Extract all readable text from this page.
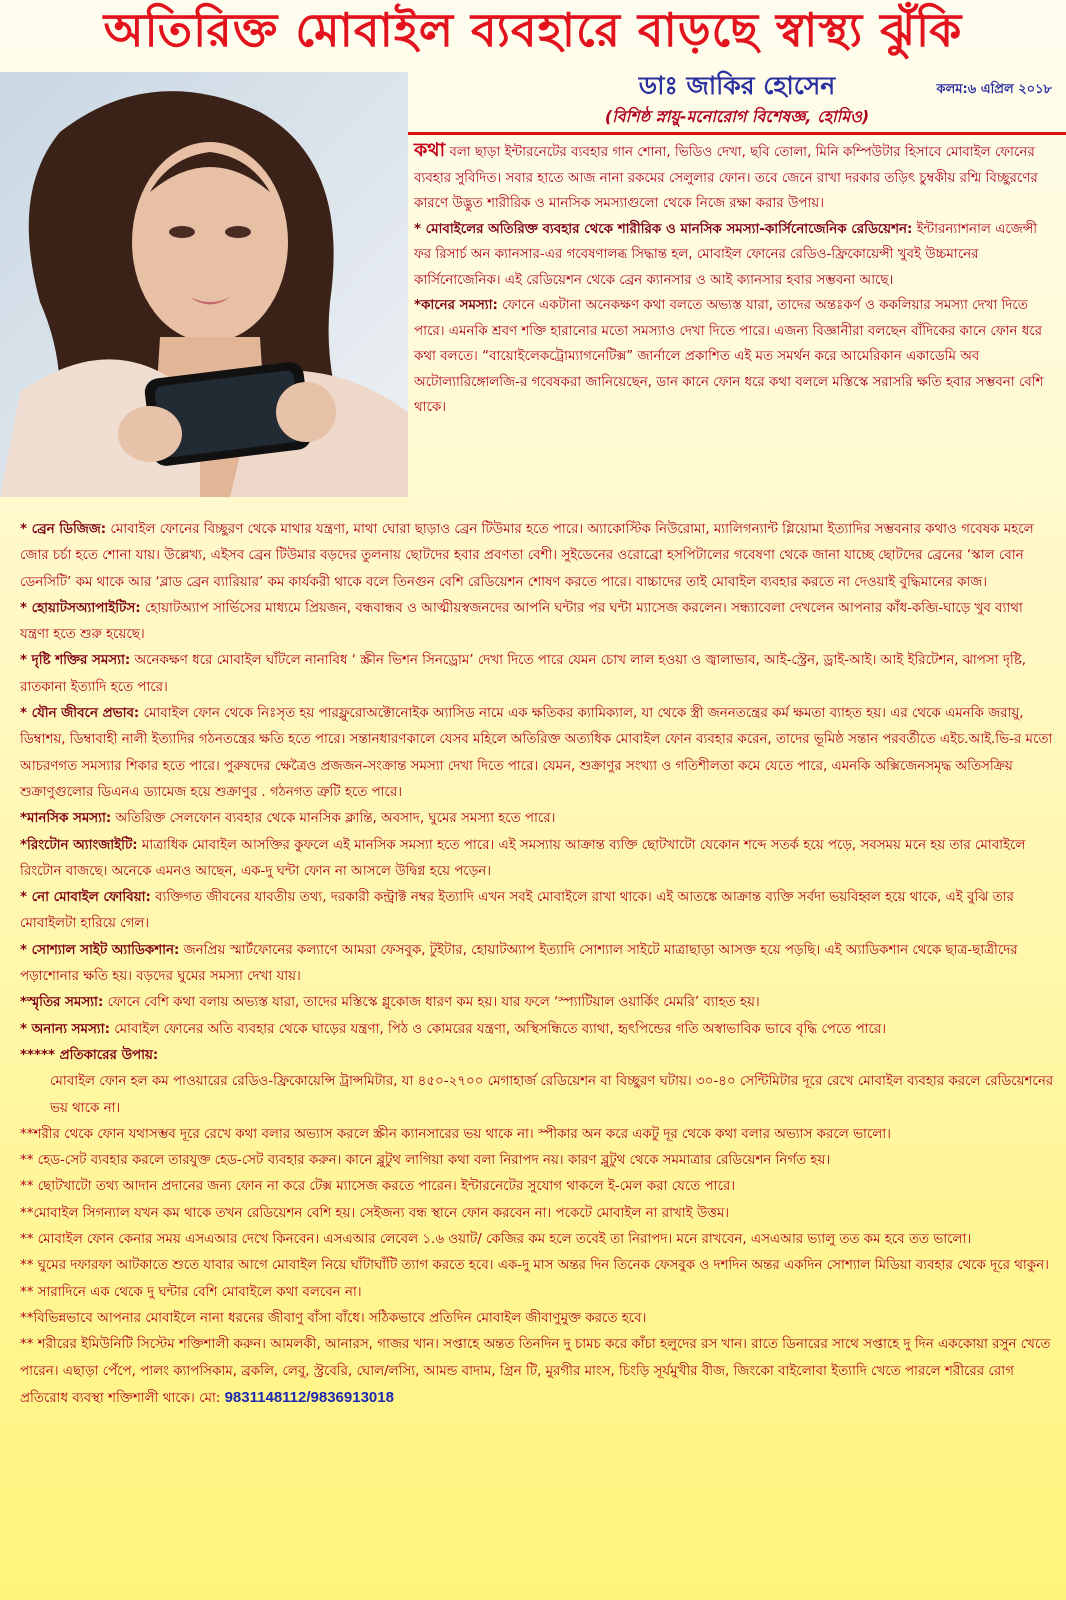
অতিরিক্ত মোবাইল ব্যবহারে বাড়ছে স্বাস্থ্য ঝুঁকি
ডাঃ জাকির হোসেন	কলম:৬ এপ্রিল ২০১৮
(বিশিষ্ঠ স্নায়ু-মনোরোগ বিশেষজ্ঞ, হোমিও)

কথা বলা ছাড়া ইন্টারনেটের ব্যবহার গান শোনা, ভিডিও দেখা, ছবি তোলা, মিনি কম্পিউটার হিসাবে মোবাইল ফোনের ব্যবহার সুবিদিত। সবার হাতে আজ নানা রকমের সেলুলার ফোন। তবে জেনে রাখা দরকার তড়িৎ চুম্বকীয় রশ্মি বিচ্ছুরণের কারণে উদ্ভুত শারীরিক ও মানসিক সমস্যাগুলো থেকে নিজে রক্ষা করার উপায়।

* মোবাইলের অতিরিক্ত ব্যবহার থেকে শারীরিক ও মানসিক সমস্যা-কার্সিনোজেনিক রেডিয়েশন: ইন্টারন্যাশনাল এজেন্সী ফর রিসার্চ অন ক্যানসার-এর গবেষণালব্ধ সিদ্ধান্ত হল, মোবাইল ফোনের রেডিও-ফ্রিকোয়েন্সী খুবই উচ্চমানের কার্সিনোজেনিক। এই রেডিয়েশন থেকে ব্রেন ক্যানসার ও আই ক্যানসার হবার সম্ভবনা আছে।

*কানের সমস্যা: ফোনে একটানা অনেকক্ষণ কথা বলতে অভ্যস্ত যারা, তাদের অন্তঃকর্ণ ও ককলিয়ার সমস্যা দেখা দিতে পারে। এমনকি শ্রবণ শক্তি হারানোর মতো সমস্যাও দেখা দিতে পারে। এজন্য বিজ্ঞানীরা বলছেন বাঁদিকের কানে ফোন ধরে কথা বলতে। “বায়োইলেকট্রোম্যাগনেটিক্স” জার্নালে প্রকাশিত এই মত সমর্থন করে আমেরিকান একাডেমি অব অটোল্যারিঙ্গোলজি-র গবেষকরা জানিয়েছেন, ডান কানে ফোন ধরে কথা বললে মস্তিস্কে সরাসরি ক্ষতি হবার সম্ভবনা বেশি থাকে।

* ব্রেন ডিজিজ: মোবাইল ফোনের বিচ্ছুরণ থেকে মাথার যন্ত্রণা, মাথা ঘোরা ছাড়াও ব্রেন টিউমার হতে পারে। অ্যাকোস্টিক নিউরোমা, ম্যালিগন্যান্ট গ্লিয়োমা ইত্যাদির সম্ভবনার কথাও গবেষক মহলে জোর চর্চা হতে শোনা যায়। উল্লেখ্য, এইসব ব্রেন টিউমার বড়দের তুলনায় ছোটদের হবার প্রবণতা বেশী। সুইডেনের ওরোব্রো হসপিটালের গবেষণা থেকে জানা যাচ্ছে ছোটদের ব্রেনের ‘স্কাল বোন ডেনসিটি’ কম থাকে আর ‘ব্লাড ব্রেন ব্যারিয়ার’ কম কার্যকরী থাকে বলে তিনগুন বেশি রেডিয়েশন শোষণ করতে পারে। বাচ্চাদের তাই মোবাইল ব্যবহার করতে না দেওয়াই বুদ্ধিমানের কাজ।

* হোয়াটসঅ্যাপাইটিস: হোয়াটঅ্যাপ সার্ভিসের মাধ্যমে প্রিয়জন, বন্ধবান্ধব ও আত্মীয়স্বজনদের আপনি ঘন্টার পর ঘন্টা ম্যাসেজ করলেন। সন্ধ্যাবেলা দেখলেন আপনার কাঁধ-কব্জি-ঘাড়ে খুব ব্যাথা যন্ত্রণা হতে শুরু হয়েছে।

* দৃষ্টি শক্তির সমস্যা: অনেকক্ষণ ধরে মোবাইল ঘাঁটলে নানাবিধ ‘ স্ক্রীন ভিশন সিনড্রোম’ দেখা দিতে পারে যেমন চোখ লাল হওয়া ও জ্বালাভাব, আই-স্ট্রেন, ড্রাই-আই। আই ইরিটেশন, ঝাপসা দৃষ্টি, রাতকানা ইত্যাদি হতে পারে।

* যৌন জীবনে প্রভাব: মোবাইল ফোন থেকে নিঃসৃত হয় পারফ্লুরোঅক্টোনোইক অ্যাসিড নামে এক ক্ষতিকর ক্যামিক্যাল, যা থেকে স্ত্রী জননতন্ত্রের কর্ম ক্ষমতা ব্যাহত হয়। এর থেকে এমনকি জরায়ু, ডিম্বাশয়, ডিম্বাবাহী নালী ইত্যাদির গঠনতন্ত্রের ক্ষতি হতে পারে। সন্তানধারণকালে যেসব মহিলে অতিরিক্ত অত্যধিক মোবাইল ফোন ব্যবহার করেন, তাদের ভূমিষ্ঠ সন্তান পরবর্তীতে এইচ.আই.ভি-র মতো আচরণগত সমস্যার শিকার হতে পারে। পুরুষদের ক্ষেত্রৈও প্রজজন-সংক্রান্ত সমস্যা দেখা দিতে পারে। যেমন, শুক্রাণুর সংখ্যা ও গতিশীলতা কমে যেতে পারে, এমনকি অক্সিজেনসমৃদ্ধ অতিসক্রিয় শুক্রাণুগুলোর ডিএনএ ড্যামেজ হয়ে শুক্রাণুর . গঠনগত ত্রুটি হতে পারে।

*মানসিক সমস্যা: অতিরিক্ত সেলফোন ব্যবহার থেকে মানসিক ক্লান্তি, অবসাদ, ঘুমের সমস্যা হতে পারে।

*রিংটোন অ্যাংজাইটি: মাত্রাধিক মোবাইল আসক্তির কুফলে এই মানসিক সমস্যা হতে পারে। এই সমস্যায় আক্রান্ত ব্যক্তি ছোটখাটো যেকোন শব্দে সতর্ক হয়ে পড়ে, সবসময় মনে হয় তার মোবাইলে রিংটোন বাজছে। অনেকে এমনও আছেন, এক-দু ঘন্টা ফোন না আসলে উদ্বিগ্ন হয়ে পড়েন।

* নো মোবাইল ফোবিয়া: ব্যক্তিগত জীবনের যাবতীয় তথ্য, দরকারী কন্ট্রাক্ট নম্বর ইত্যাদি এখন সবই মোবাইলে রাখা থাকে। এই আতঙ্কে আক্রান্ত ব্যক্তি সর্বদা ভয়বিহ্বল হয়ে থাকে, এই বুঝি তার মোবাইলটা হারিয়ে গেল।

* সোশ্যাল সাইট অ্যাডিকশান: জনপ্রিয় স্মার্টফোনের কল্যাণে আমরা ফেসবুক, টুইটার, হোয়াটঅ্যাপ ইত্যাদি সোশ্যাল সাইটে মাত্রাছাড়া আসক্ত হয়ে পড়ছি। এই অ্যাডিকশান থেকে ছাত্র-ছাত্রীদের পড়াশোনার ক্ষতি হয়। বড়দের ঘুমের সমস্যা দেখা যায়।

*স্মৃতির সমস্যা: ফোনে বেশি কথা বলায় অভ্যস্ত যারা, তাদের মস্তিস্কে গ্লুকোজ ধারণ কম হয়। যার ফলে ‘স্প্যাটিয়াল ওয়ার্কিং মেমরি’ ব্যাহত হয়।

* অনান্য সমস্যা: মোবাইল ফোনের অতি ব্যবহার থেকে ঘাড়ের যন্ত্রণা, পিঠ ও কোমরের যন্ত্রণা, অস্থিসন্ধিতে ব্যাথা, হৃৎপিন্ডের গতি অস্বাভাবিক ভাবে বৃদ্ধি পেতে পারে।

***** প্রতিকারের উপায়:

মোবাইল ফোন হল কম পাওয়ারের রেডিও-ফ্রিকোয়েন্সি ট্রান্সমিটার, যা ৪৫০-২৭০০ মেগাহার্জ রেডিয়েশন বা বিচ্ছুরণ ঘটায়। ৩০-৪০ সেন্টিমিটার দূরে রেখে মোবাইল ব্যবহার করলে রেডিয়েশনের ভয় থাকে না।

**শরীর থেকে ফোন যথাসম্ভব দূরে রেখে কথা বলার অভ্যাস করলে স্ক্রীন ক্যানসারের ভয় থাকে না। স্পীকার অন করে একটু দূর থেকে কথা বলার অভ্যাস করলে ভালো।

** হেড-সেট ব্যবহার করলে তারযুক্ত হেড-সেট ব্যবহার করুন। কানে ব্লুটুথ লাগিয়া কথা বলা নিরাপদ নয়। কারণ ব্লুটুথ থেকে সমমাত্রার রেডিয়েশন নির্গত হয়।

** ছোটখাটো তথ্য আদান প্রদানের জন্য ফোন না করে টেক্স ম্যাসেজ করতে পারেন। ইন্টারনেটের সুযোগ থাকলে ই-মেল করা যেতে পারে।

**মোবাইল সিগন্যাল যখন কম থাকে তখন রেডিয়েশন বেশি হয়। সেইজন্য বন্ধ স্থানে ফোন করবেন না। পকেটে মোবাইল না রাখাই উত্তম।

** মোবাইল ফোন কেনার সময় এসএআর দেখে কিনবেন। এসএআর লেবেল ১.৬ ওয়াট/ কেজির কম হলে তবেই তা নিরাপদ। মনে রাখবেন, এসএআর ভ্যালু তত কম হবে তত ভালো।

** ঘুমের দফারফা আটকাতে শুতে যাবার আগে মোবাইল নিয়ে ঘাঁটাঘাঁটি ত্যাগ করতে হবে। এক-দু মাস অন্তর দিন তিনেক ফেসবুক ও দশদিন অন্তর একদিন সোশ্যাল মিডিয়া ব্যবহার থেকে দূরে থাকুন।

** সারাদিনে এক থেকে দু ঘন্টার বেশি মোবাইলে কথা বলবেন না।

**বিভিন্নভাবে আপনার মোবাইলে নানা ধরনের জীবাণু বাঁসা বাঁধে। সঠিকভাবে প্রতিদিন মোবাইল জীবাণুমুক্ত করতে হবে।

** শরীরের ইমিউনিটি সিস্টেম শক্তিশালী করুন। আমলকী, আনারস, গাজর খান। সপ্তাহে অন্তত তিনদিন দু চামচ করে কাঁচা হলুদের রস খান। রাতে ডিনারের সাথে সপ্তাহে দু দিন এককোয়া রসুন খেতে পারেন। এছাড়া পেঁপে, পালং ক্যাপসিকাম, ব্রকলি, লেবু, স্ট্রবেরি, ঘোল/লস্যি, আমন্ড বাদাম, গ্রিন টি, মুরগীর মাংস, চিংড়ি সূর্যমুখীর বীজ, জিংকো বাইলোবা ইত্যাদি খেতে পারলে শরীরের রোগ প্রতিরোধ ব্যবস্থা শক্তিশালী থাকে। মো: 9831148112/9836913018
